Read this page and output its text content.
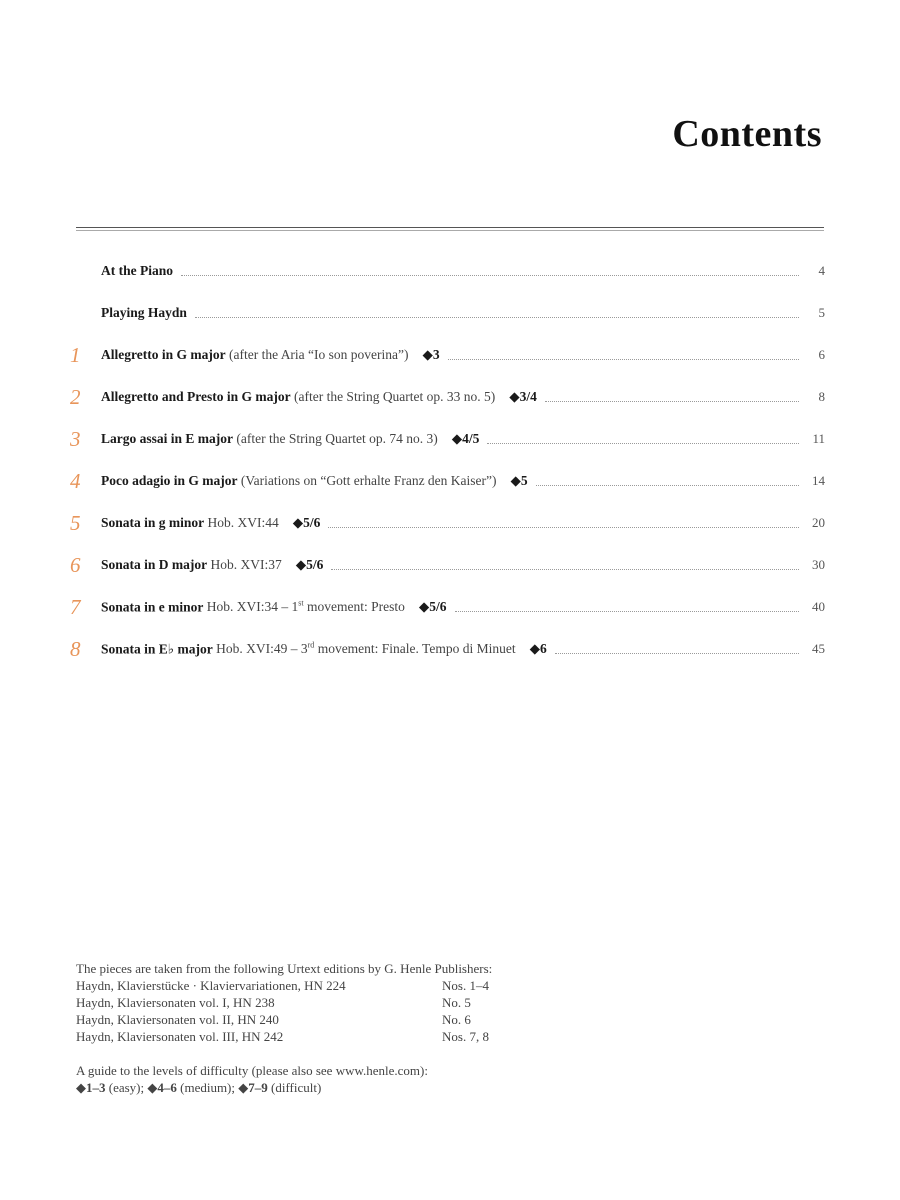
Contents
At the Piano	4
Playing Haydn	5
1	Allegretto in G major (after the Aria “Io son poverina”) ◆3	6
2	Allegretto and Presto in G major (after the String Quartet op. 33 no. 5) ◆3/4	8
3	Largo assai in E major (after the String Quartet op. 74 no. 3) ◆4/5	11
4	Poco adagio in G major (Variations on “Gott erhalte Franz den Kaiser”) ◆5	14
5	Sonata in g minor Hob. XVI:44 ◆5/6	20
6	Sonata in D major Hob. XVI:37 ◆5/6	30
7	Sonata in e minor Hob. XVI:34 – 1st movement: Presto ◆5/6	40
8	Sonata in E♭ major Hob. XVI:49 – 3rd movement: Finale. Tempo di Minuet ◆6	45
The pieces are taken from the following Urtext editions by G. Henle Publishers:
Haydn, Klavierstücke · Klaviervariationen, HN 224	Nos. 1–4
Haydn, Klaviersonaten vol. I, HN 238	No. 5
Haydn, Klaviersonaten vol. II, HN 240	No. 6
Haydn, Klaviersonaten vol. III, HN 242	Nos. 7, 8
A guide to the levels of difficulty (please also see www.henle.com):
◆1–3 (easy); ◆4–6 (medium); ◆7–9 (difficult)
